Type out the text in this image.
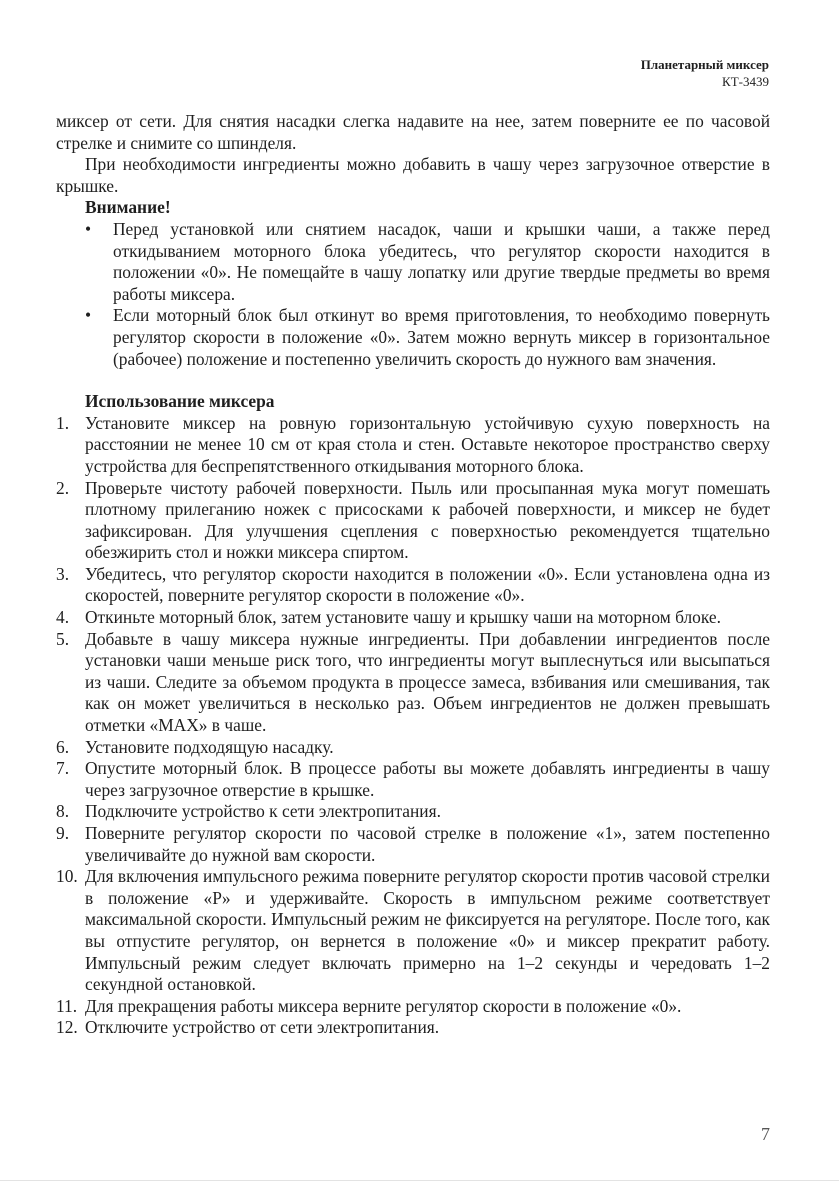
Планетарный миксер
КТ-3439

миксер от сети. Для снятия насадки слегка надавите на нее, затем поверните ее по часовой стрелке и снимите со шпинделя.

При необходимости ингредиенты можно добавить в чашу через загрузочное отверстие в крышке.

Внимание!

• Перед установкой или снятием насадок, чаши и крышки чаши, а также перед откидыванием моторного блока убедитесь, что регулятор скорости находится в положении «0». Не помещайте в чашу лопатку или другие твердые предметы во время работы миксера.
• Если моторный блок был откинут во время приготовления, то необходимо повернуть регулятор скорости в положение «0». Затем можно вернуть миксер в горизонтальное (рабочее) положение и постепенно увеличить скорость до нужного вам значения.

Использование миксера

1. Установите миксер на ровную горизонтальную устойчивую сухую поверхность на расстоянии не менее 10 см от края стола и стен. Оставьте некоторое пространство сверху устройства для беспрепятственного откидывания моторного блока.
2. Проверьте чистоту рабочей поверхности. Пыль или просыпанная мука могут помешать плотному прилеганию ножек с присосками к рабочей поверхности, и миксер не будет зафиксирован. Для улучшения сцепления с поверхностью рекомендуется тщательно обезжирить стол и ножки миксера спиртом.
3. Убедитесь, что регулятор скорости находится в положении «0». Если установлена одна из скоростей, поверните регулятор скорости в положение «0».
4. Откиньте моторный блок, затем установите чашу и крышку чаши на моторном блоке.
5. Добавьте в чашу миксера нужные ингредиенты. При добавлении ингредиентов после установки чаши меньше риск того, что ингредиенты могут выплеснуться или высыпаться из чаши. Следите за объемом продукта в процессе замеса, взбивания или смешивания, так как он может увеличиться в несколько раз. Объем ингредиентов не должен превышать отметки «MAX» в чаше.
6. Установите подходящую насадку.
7. Опустите моторный блок. В процессе работы вы можете добавлять ингредиенты в чашу через загрузочное отверстие в крышке.
8. Подключите устройство к сети электропитания.
9. Поверните регулятор скорости по часовой стрелке в положение «1», затем постепенно увеличивайте до нужной вам скорости.
10. Для включения импульсного режима поверните регулятор скорости против часовой стрелки в положение «P» и удерживайте. Скорость в импульсном режиме соответствует максимальной скорости. Импульсный режим не фиксируется на регуляторе. После того, как вы отпустите регулятор, он вернется в положение «0» и миксер прекратит работу. Импульсный режим следует включать примерно на 1–2 секунды и чередовать 1–2 секундной остановкой.
11. Для прекращения работы миксера верните регулятор скорости в положение «0».
12. Отключите устройство от сети электропитания.
7
